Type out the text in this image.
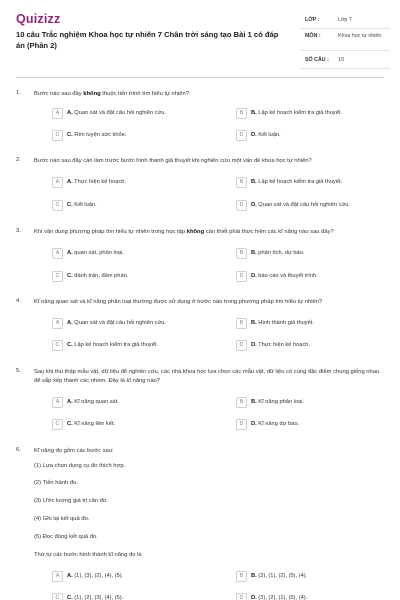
Quizizz
10 câu Trắc nghiệm Khoa học tự nhiên 7 Chân trời sáng tạo Bài 1 có đáp án (Phần 2)
LỚP :	Lớp 7
MÔN :	Khoa học tự nhiên
SỐ CÂU : 10
1. Bước nào sau đây không thuộc tiến trình tìm hiểu tự nhiên?
A	A. Quan sát và đặt câu hỏi nghiên cứu.	B	B. Lập kế hoạch kiểm tra giả thuyết.
C	C. Rèn luyện sức khỏe.	D	D. Kết luận.
2. Bước nào sau đây cần làm trước bước hình thành giả thuyết khi nghiên cứu một vấn đề khoa học tự nhiên?
A	A. Thực hiện kế hoạch.	B	B. Lập kế hoạch kiểm tra giả thuyết.
C	C. Kết luận.	D	D. Quan sát và đặt câu hỏi nghiên cứu.
3. Khi vận dụng phương pháp tìm hiểu tự nhiên trong học tập không cần thiết phải thực hiện các kĩ năng nào sau đây?
A	A. quan sát, phân loại.	B	B. phân tích, dự báo.
C	C. đánh trận, đàm phán.	D	D. báo cáo và thuyết trình.
4. Kĩ năng quan sát và kĩ năng phân loại thường được sử dụng ở bước nào trong phương pháp tìm hiểu tự nhiên?
A	A. Quan sát và đặt câu hỏi nghiên cứu.	B	B. Hình thành giả thuyết.
C	C. Lập kế hoạch kiểm tra giả thuyết.	D	D. Thực hiện kế hoạch.
5. Sau khi thu thập mẫu vật, dữ liệu để nghiên cứu, các nhà khoa học lựa chọn các mẫu vật, dữ liệu có cùng đặc điểm chung giống nhau để sắp xếp thành các nhóm. Đây là kĩ năng nào?
A	A. Kĩ năng quan sát.	B	B. Kĩ năng phân loại.
C	C. Kĩ năng liên kết.	D	D. Kĩ năng dự báo.
6. Kĩ năng đo gồm các bước sau:
(1) Lựa chọn dụng cụ đo thích hợp.
(2) Tiến hành đo.
(3) Ước lượng giá trị cần đo.
(4) Ghi lại kết quả đo.
(5) Đọc đúng kết quả đo.
Thứ tự các bước hình thành kĩ năng đo là
A	A. (1), (3), (2), (4), (5).	B	B. (3), (1), (2), (5), (4).
C	C. (1), (2), (3), (4), (5).	D	D. (3), (2), (1), (5), (4).
